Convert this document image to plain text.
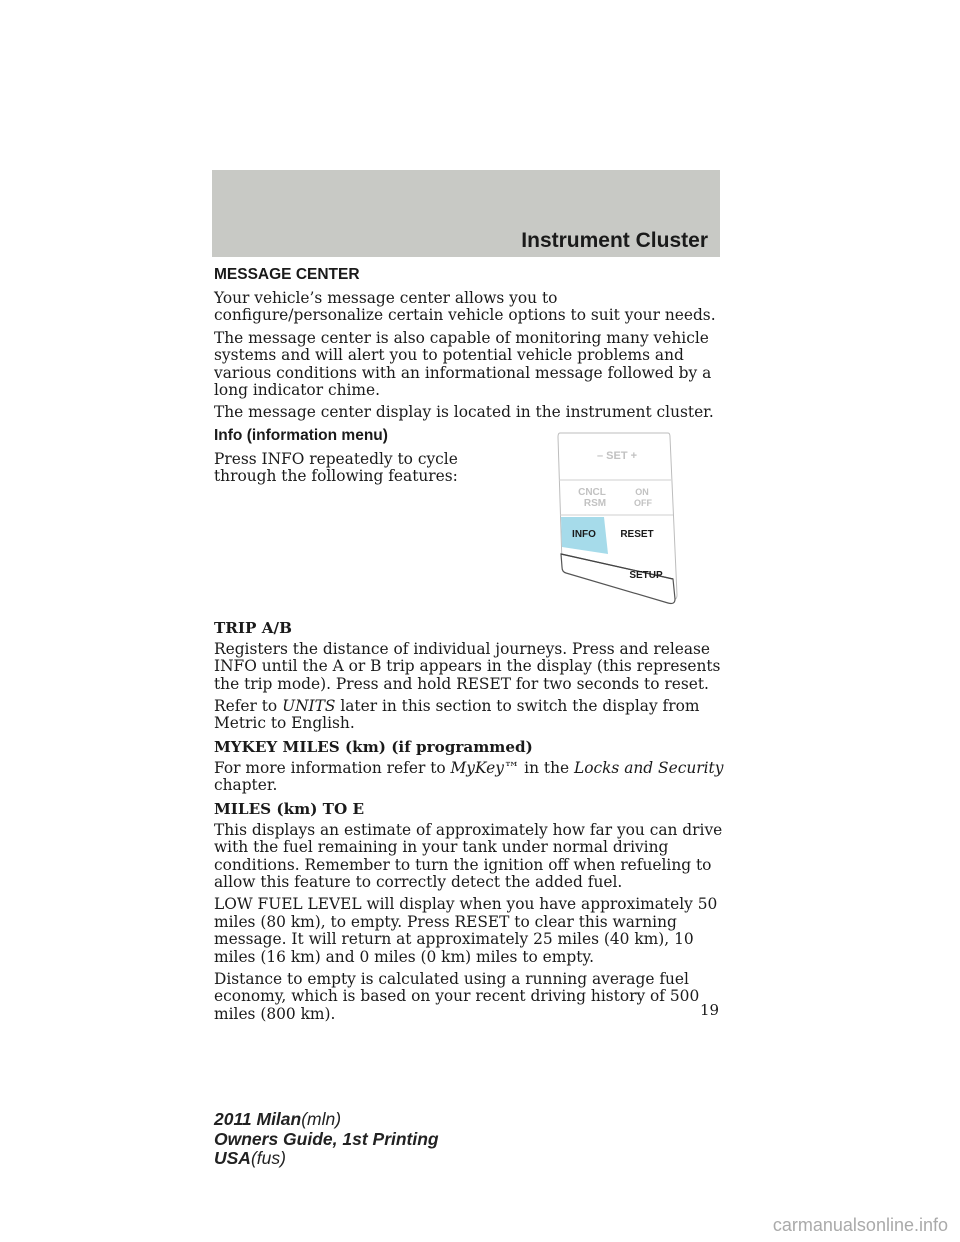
Instrument Cluster
MESSAGE CENTER

Your vehicle’s message center allows you to configure/personalize certain vehicle options to suit your needs.

The message center is also capable of monitoring many vehicle systems and will alert you to potential vehicle problems and various conditions with an informational message followed by a long indicator chime.

The message center display is located in the instrument cluster.

Info (information menu)

Press INFO repeatedly to cycle through the following features:

– SET +
CNCL
RSM
ON
OFF
INFO RESET
SETUP
TRIP A/B

Registers the distance of individual journeys. Press and release INFO until the A or B trip appears in the display (this represents the trip mode). Press and hold RESET for two seconds to reset.

Refer to UNITS later in this section to switch the display from Metric to English.

MYKEY MILES (km) (if programmed)

For more information refer to MyKey™ in the Locks and Security chapter.

MILES (km) TO E

This displays an estimate of approximately how far you can drive with the fuel remaining in your tank under normal driving conditions. Remember to turn the ignition off when refueling to allow this feature to correctly detect the added fuel.

LOW FUEL LEVEL will display when you have approximately 50 miles (80 km), to empty. Press RESET to clear this warning message. It will return at approximately 25 miles (40 km), 10 miles (16 km) and 0 miles (0 km) miles to empty.

Distance to empty is calculated using a running average fuel economy, which is based on your recent driving history of 500 miles (800 km).	19
2011 Milan(mln)
Owners Guide, 1st Printing
USA(fus)
carmanualsonline.info
